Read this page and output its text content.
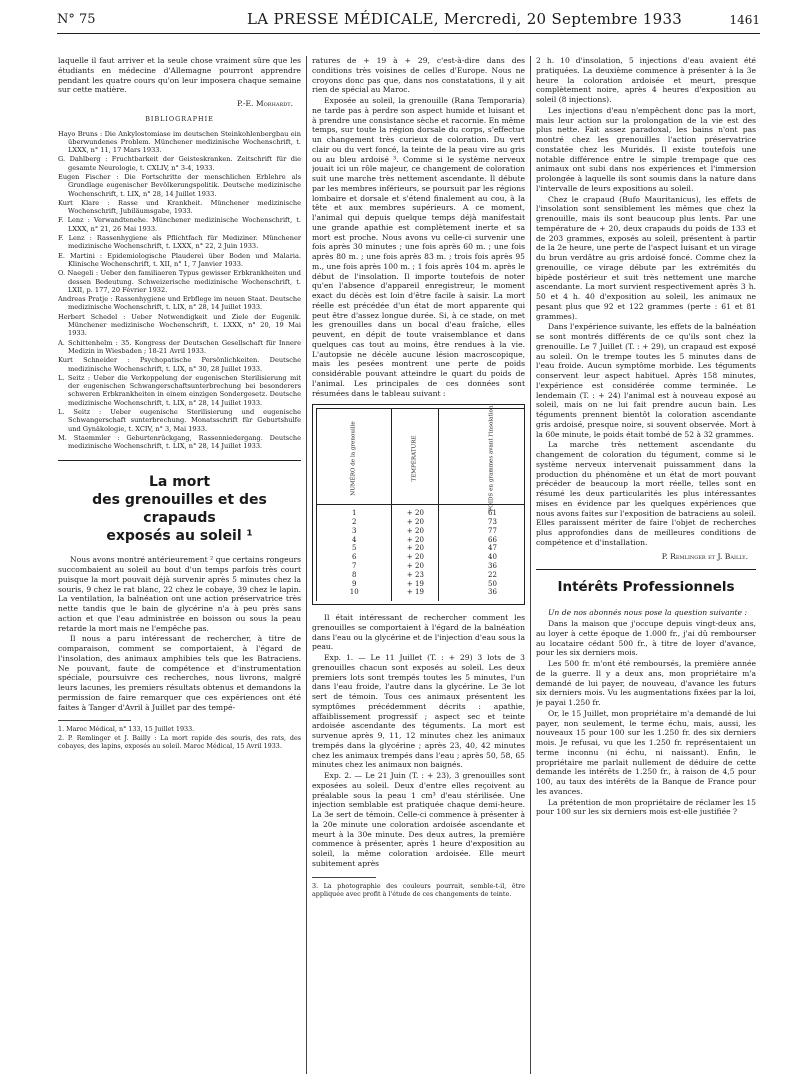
N° 75	LA PRESSE MÉDICALE, Mercredi, 20 Septembre 1933	1461

laquelle il faut arriver et la seule chose vraiment sûre que les étudiants en médecine d'Allemagne pourront apprendre pendant les quatre cours qu'on leur imposera chaque semaine sur cette matière.

P.-E. Morhardt.

BIBLIOGRAPHIE

Hayo Bruns : Die Ankylostomiase im deutschen Steinkohlenbergbau ein überwundenes Problem. Münchener medizinische Wochenschrift, t. LXXX, n° 11, 17 Mars 1933.

G. Dahlberg : Fruchtbarkeit der Geisteskranken. Zeitschrift für die gesamte Neurologie, t. CXLIV, n° 3-4, 1933.

Eugen Fischer : Die Fortschritte der menschlichen Erblehre als Grundlage eugenischer Bevölkerungspolitik. Deutsche medizinische Wochenschrift, t. LIX, n° 28, 14 Juillet 1933.

Kurt Klare : Rasse und Krankheit. Münchener medizinische Wochenschrift, Jubiläumsgabe, 1933.

F. Lenz : Verwandtenehe. Münchener medizinische Wochenschrift, t. LXXX, n° 21, 26 Mai 1933.

F. Lenz : Rassenhygiene als Pflichtfach für Mediziner. Münchener medizinische Wochenschrift, t. LXXX, n° 22, 2 Juin 1933.

E. Martini : Epidemiologische Plaudereì über Boden und Malaria. Klinische Wochenschrift, t. XII, n° 1, 7 Janvier 1933.

O. Naegeli : Ueber den familiaeren Typus gewisser Erbkrankheiten und dessen Bedeutung. Schweizerische medizinische Wochenschrift, t. LXII, p. 177, 20 Février 1932.

Andreas Pratje : Rassenhygiene und Erbflege im neuen Staat. Deutsche medizinische Wochenschrift, t. LIX, n° 28, 14 Juillet 1933.

Herbert Schedel : Ueber Notwendigkeit und Ziele der Eugenik. Münchener medizinische Wochenschrift, t. LXXX, n° 20, 19 Mai 1933.

A. Schittenhelm : 35. Kongress der Deutschen Gesellschaft für Innere Medizin in Wiesbaden ; 18-21 Avril 1933.

Kurt Schneider : Psychopatische Persönlichkeiten. Deutsche medizinische Wochenschrift, t. LIX, n° 30, 28 Juillet 1933.

L. Seitz : Ueber die Verkoppelung der eugenischen Sterilisierung mit der eugenischen Schwangerschaftsunterbrechung bei besonderers schweren Erbkrankheiten in einem einzigen Sondergesetz. Deutsche medizinische Wochenschrift, t. LIX, n° 28, 14 Juillet 1933.

L. Seitz : Ueber eugenische Sterilisierung und eugenische Schwangerschaft sunterbrechung. Monatsschrift für Geburtshulfe und Gynäkologie, t. XCIV, n° 3, Mai 1933.

M. Staemmler : Geburtenrückgang, Rassenniedergang. Deutsche medizinische Wochenschrift, t. LIX, n° 28, 14 Juillet 1933.

La mort
des grenouilles et des crapauds
exposés au soleil ¹

Nous avons montré antérieurement ² que certains rongeurs succombaient au soleil au bout d'un temps parfois très court puisque la mort pouvait déjà survenir après 5 minutes chez la souris, 9 chez le rat blanc, 22 chez le cobaye, 39 chez le lapin. La ventilation, la balnéation ont une action préservatrice très nette tandis que le bain de glycérine n'a à peu près sans action et que l'eau administrée en boisson ou sous la peau retarde la mort mais ne l'empêche pas.

Il nous a paru intéressant de rechercher, à titre de comparaison, comment se comportaient, à l'égard de l'insolation, des animaux amphibies tels que les Batraciens. Ne pouvant, faute de compétence et d'instrumentation spéciale, poursuivre ces recherches, nous livrons, malgré leurs lacunes, les premiers résultats obtenus et demandons la permission de faire remarquer que ces expériences ont été faites à Tanger d'Avril à Juillet par des tempé-

1. Maroc Médical, n° 133, 15 Juillet 1933.

2. P. Remlinger et J. Bailly : La mort rapide des souris, des rats, des cobayes, des lapins, exposés au soleil. Maroc Médical, 15 Avril 1933.

ratures de + 19 à + 29, c'est-à-dire dans des conditions très voisines de celles d'Europe. Nous ne croyons donc pas que, dans nos constatations, il y ait rien de spécial au Maroc.

Exposée au soleil, la grenouille (Rana Temporaria) ne tarde pas à perdre son aspect humide et luisant et à prendre une consistance sèche et racornie. En même temps, sur toute la région dorsale du corps, s'effectue un changement très curieux de coloration. Du vert clair ou du vert foncé, la teinte de la peau vire au gris ou au bleu ardoisé ³. Comme si le système nerveux jouait ici un rôle majeur, ce changement de coloration suit une marche très nettement ascendante. Il débute par les membres inférieurs, se poursuit par les régions lombaire et dorsale et s'étend finalement au cou, à la tête et aux membres supérieurs. A ce moment, l'animal qui depuis quelque temps déjà manifestait une grande apathie est complètement inerte et sa mort est proche. Nous avons vu celle-ci survenir une fois après 30 minutes ; une fois après 60 m. ; une fois après 80 m. ; une fois après 83 m. ; trois fois après 95 m., une fois après 100 m. ; 1 fois après 104 m. après le début de l'insolation. Il importe toutefois de noter qu'en l'absence d'appareil enregistreur, le moment exact du décès est loin d'être facile à saisir. La mort réelle est précédée d'un état de mort apparente qui peut être d'assez longue durée. Si, à ce stade, on met les grenouilles dans un bocal d'eau fraîche, elles peuvent, en dépit de toute vraisemblance et dans quelques cas tout au moins, être rendues à la vie. L'autopsie ne décèle aucune lésion macroscopique, mais les pesées montrent une perte de poids considérable pouvant atteindre le quart du poids de l'animal. Les principales de ces données sont résumées dans le tableau suivant :

NUMÉRO de la grenouille	TEMPÉRATURE	POIDS en grammes avant l'insolation		
1	+ 20	61		
2	+ 20	73		
3	+ 20	77		
4	+ 20	66		
5	+ 20	47		
6	+ 20	40		
7	+ 20	36		
8	+ 23	22		
9	+ 19	50		
10	+ 19	36		

Il était intéressant de rechercher comment les grenouilles se comportaient à l'égard de la balnéation dans l'eau ou la glycérine et de l'injection d'eau sous la peau.

Exp. 1. — Le 11 Juillet (T. : + 29) 3 lots de 3 grenouilles chacun sont exposés au soleil. Les deux premiers lots sont trempés toutes les 5 minutes, l'un dans l'eau froide, l'autre dans la glycérine. Le 3e lot sert de témoin. Tous ces animaux présentent les symptômes précédemment décrits : apathie, affaiblissement progressif ; aspect sec et teinte ardoisée ascendante des téguments. La mort est survenue après 9, 11, 12 minutes chez les animaux trempés dans la glycérine ; après 23, 40, 42 minutes chez les animaux trempés dans l'eau ; après 50, 58, 65 minutes chez les animaux non baignés.

Exp. 2. — Le 21 Juin (T. : + 23), 3 grenouilles sont exposées au soleil. Deux d'entre elles reçoivent au préalable sous la peau 1 cm³ d'eau stérilisée. Une injection semblable est pratiquée chaque demi-heure. La 3e sert de témoin. Celle-ci commence à présenter à la 20e minute une coloration ardoisée ascendante et meurt à la 30e minute. Des deux autres, la première commence à présenter, après 1 heure d'exposition au soleil, la même coloration ardoisée. Elle meurt subitement après

3. La photographie des couleurs pourrait, semble-t-il, être appliquée avec profit à l'étude de ces changements de teinte.

2 h. 10 d'insolation, 5 injections d'eau avaient été pratiquées. La deuxième commence à présenter à la 3e heure la coloration ardoisée et meurt, presque complètement noire, après 4 heures d'exposition au soleil (8 injections).

Les injections d'eau n'empêchent donc pas la mort, mais leur action sur la prolongation de la vie est des plus nette. Fait assez paradoxal, les bains n'ont pas montré chez les grenouilles l'action préservatrice constatée chez les Muridés. Il existe toutefois une notable différence entre le simple trempage que ces animaux ont subi dans nos expériences et l'immersion prolongée à laquelle ils sont soumis dans la nature dans l'intervalle de leurs expositions au soleil.

Chez le crapaud (Bufo Mauritanicus), les effets de l'insolation sont sensiblement les mêmes que chez la grenouille, mais ils sont beaucoup plus lents. Par une température de + 20, deux crapauds du poids de 133 et de 203 grammes, exposés au soleil, présentent à partir de la 2e heure, une perte de l'aspect luisant et un virage du brun verdâtre au gris ardoisé foncé. Comme chez la grenouille, ce virage débute par les extrémités du bipède postérieur et suit très nettement une marche ascendante. La mort survient respectivement après 3 h. 50 et 4 h. 40 d'exposition au soleil, les animaux ne pesant plus que 92 et 122 grammes (perte : 61 et 81 grammes).

Dans l'expérience suivante, les effets de la balnéation se sont montrés différents de ce qu'ils sont chez la grenouille. Le 7 Juillet (T. : + 29), un crapaud est exposé au soleil. On le trempe toutes les 5 minutes dans de l'eau froide. Aucun symptôme morbide. Les téguments conservent leur aspect habituel. Après 158 minutes, l'expérience est considérée comme terminée. Le lendemain (T. : + 24) l'animal est à nouveau exposé au soleil, mais on ne lui fait prendre aucun bain. Les téguments prennent bientôt la coloration ascendante gris ardoisé, presque noire, si souvent observée. Mort à la 60e minute, le poids était tombé de 52 à 32 grammes.

La marche très nettement ascendante du changement de coloration du tégument, comme si le système nerveux intervenait puissamment dans la production du phénomène et un état de mort pouvant précéder de beaucoup la mort réelle, telles sont en résumé les deux particularités les plus intéressantes mises en évidence par les quelques expériences que nous avons faites sur l'exposition de batraciens au soleil. Elles paraissent mériter de faire l'objet de recherches plus approfondies dans de meilleures conditions de compétence et d'installation.

P. Remlinger et J. Bailly.

Intérêts Professionnels

Un de nos abonnés nous pose la question suivante :

Dans la maison que j'occupe depuis vingt-deux ans, au loyer à cette époque de 1.000 fr., j'ai dû rembourser au locataire cédant 500 fr., à titre de loyer d'avance, pour les six derniers mois.

Les 500 fr. m'ont été remboursés, la première année de la guerre. Il y a deux ans, mon propriétaire m'a demandé de lui payer, de nouveau, d'avance les futurs six derniers mois. Vu les augmentations fixées par la loi, je payai 1.250 fr.

Or, le 15 Juillet, mon propriétaire m'a demandé de lui payer, non seulement, le terme échu, mais, aussi, les nouveaux 15 pour 100 sur les 1.250 fr. des six derniers mois. Je refusai, vu que les 1.250 fr. représentaient un terme inconnu (ni échu, ni naissant). Enfin, le propriétaire me parlait nullement de déduire de cette demande les intérêts de 1.250 fr., à raison de 4,5 pour 100, au taux des intérêts de la Banque de France pour les avances.

La prétention de mon propriétaire de réclamer les 15 pour 100 sur les six derniers mois est-elle justifiée ?
